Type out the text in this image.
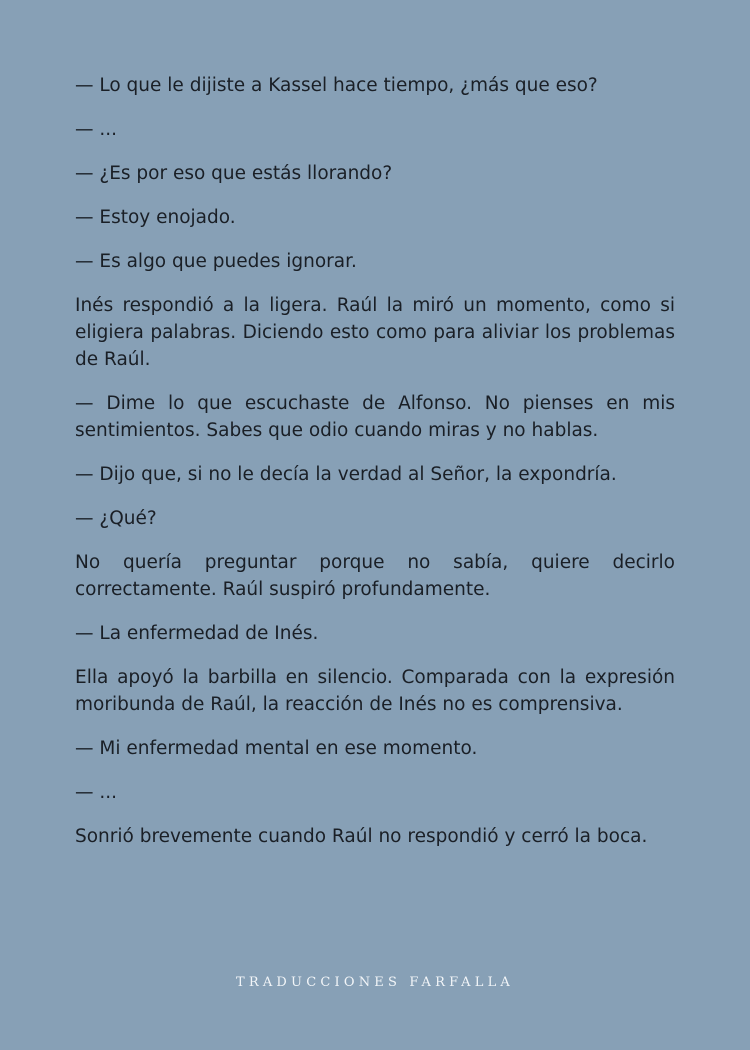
— Lo que le dijiste a Kassel hace tiempo, ¿más que eso?

— ...

— ¿Es por eso que estás llorando?

— Estoy enojado.

— Es algo que puedes ignorar.

Inés respondió a la ligera. Raúl la miró un momento, como si eligiera palabras. Diciendo esto como para aliviar los problemas de Raúl.

— Dime lo que escuchaste de Alfonso. No pienses en mis sentimientos. Sabes que odio cuando miras y no hablas.

— Dijo que, si no le decía la verdad al Señor, la expondría.

— ¿Qué?

No quería preguntar porque no sabía, quiere decirlo correctamente. Raúl suspiró profundamente.

— La enfermedad de Inés.

Ella apoyó la barbilla en silencio. Comparada con la expresión moribunda de Raúl, la reacción de Inés no es comprensiva.

— Mi enfermedad mental en ese momento.

— ...

Sonrió brevemente cuando Raúl no respondió y cerró la boca.

TRADUCCIONES FARFALLA
